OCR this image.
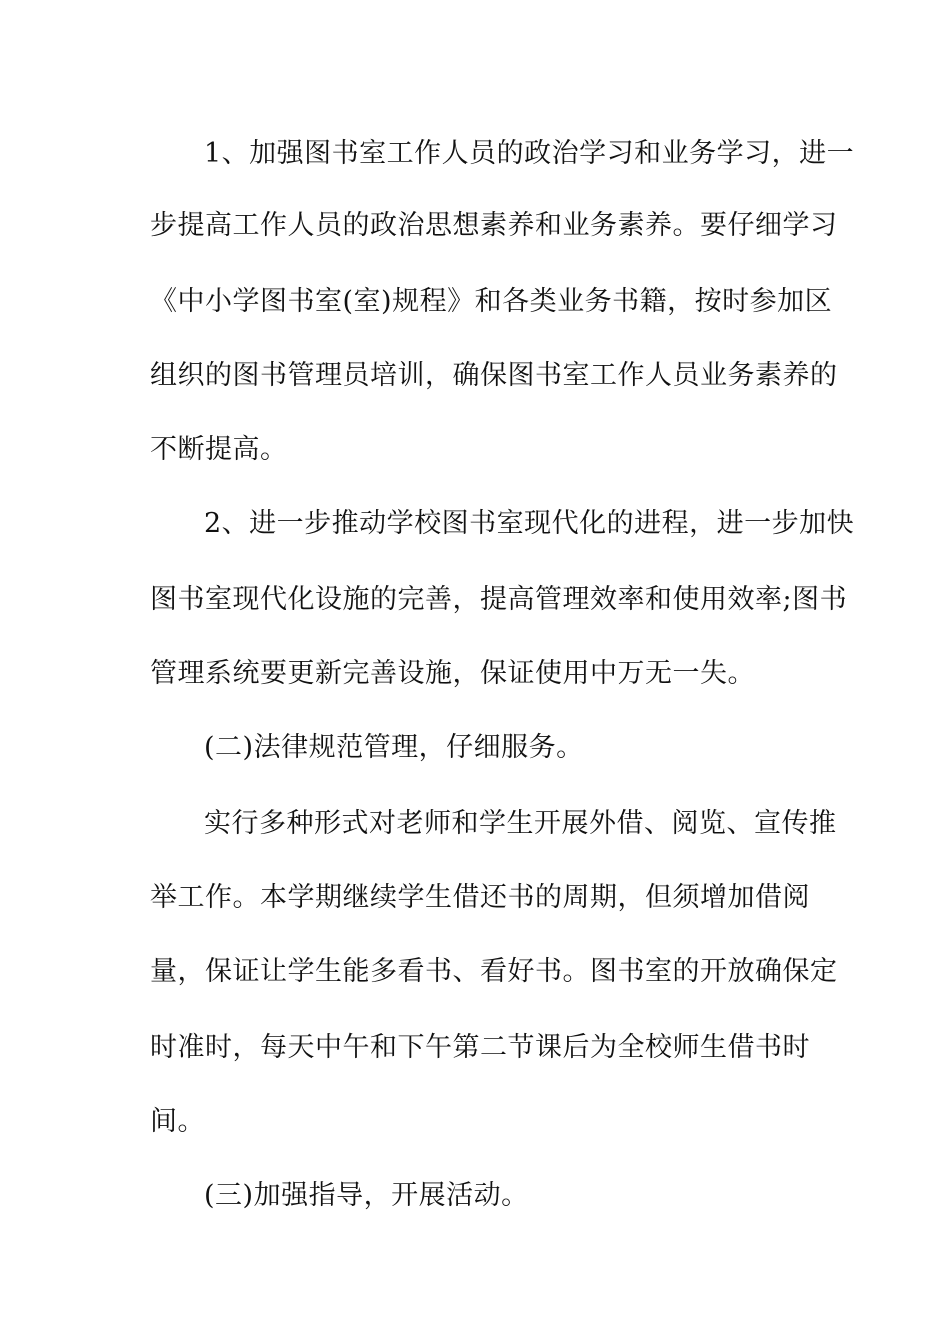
1、加强图书室工作人员的政治学习和业务学习，进一
步提高工作人员的政治思想素养和业务素养。要仔细学习
《中小学图书室(室)规程》和各类业务书籍，按时参加区
组织的图书管理员培训，确保图书室工作人员业务素养的
不断提高。
2、进一步推动学校图书室现代化的进程，进一步加快
图书室现代化设施的完善，提高管理效率和使用效率;图书
管理系统要更新完善设施，保证使用中万无一失。
(二)法律规范管理，仔细服务。
实行多种形式对老师和学生开展外借、阅览、宣传推
举工作。本学期继续学生借还书的周期，但须增加借阅
量，保证让学生能多看书、看好书。图书室的开放确保定
时准时，每天中午和下午第二节课后为全校师生借书时
间。
(三)加强指导，开展活动。
